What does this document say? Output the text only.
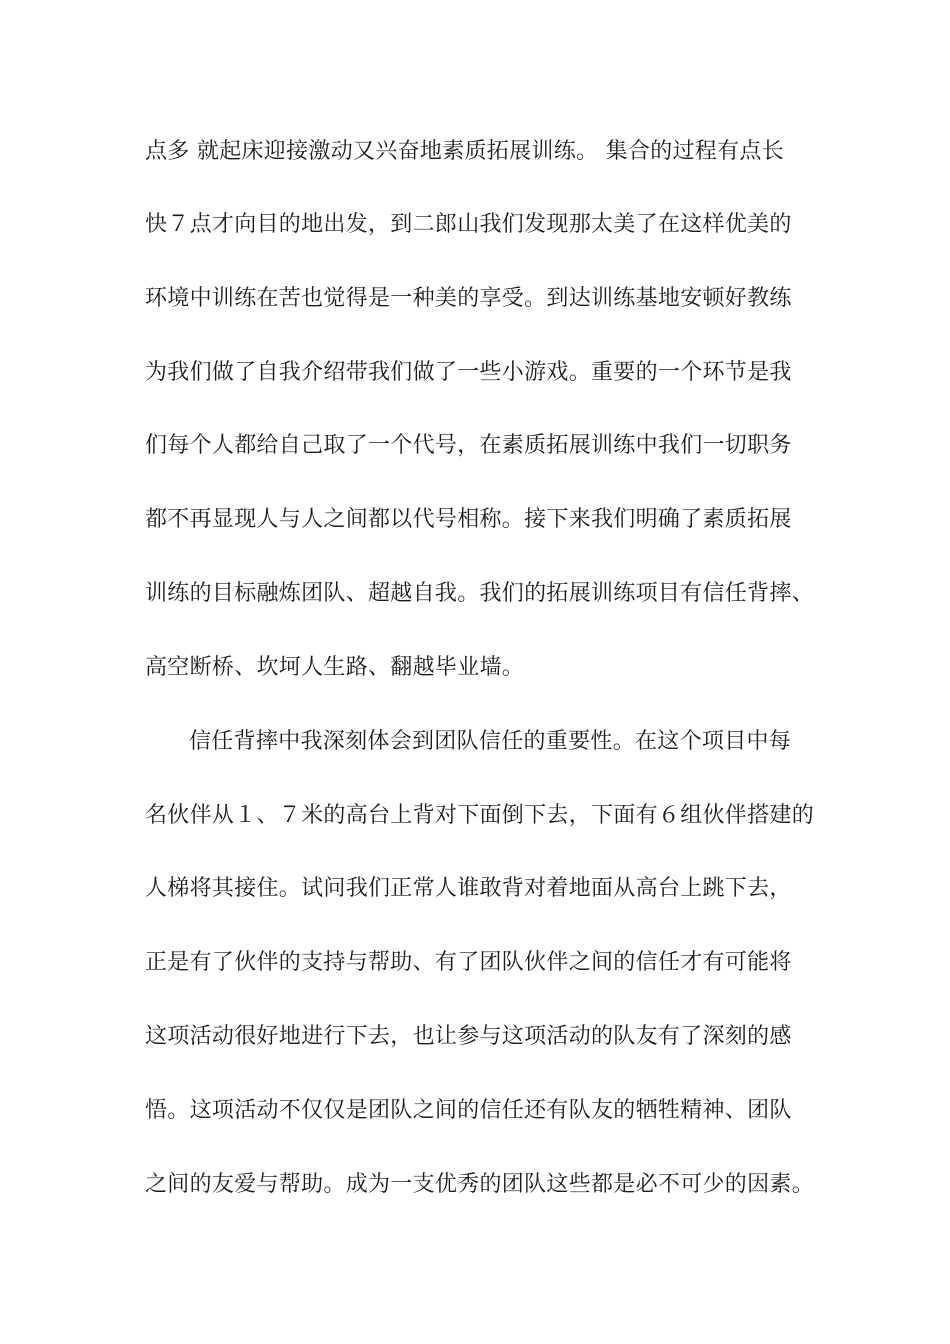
点多 就起床迎接激动又兴奋地素质拓展训练。 集合的过程有点长
快７点才向目的地出发，到二郎山我们发现那太美了在这样优美的
环境中训练在苦也觉得是一种美的享受。到达训练基地安顿好教练
为我们做了自我介绍带我们做了一些小游戏。重要的一个环节是我
们每个人都给自己取了一个代号，在素质拓展训练中我们一切职务
都不再显现人与人之间都以代号相称。接下来我们明确了素质拓展
训练的目标融炼团队、超越自我。我们的拓展训练项目有信任背摔、
高空断桥、坎坷人生路、翻越毕业墙。
信任背摔中我深刻体会到团队信任的重要性。在这个项目中每
名伙伴从１、７米的高台上背对下面倒下去，下面有６组伙伴搭建的
人梯将其接住。试问我们正常人谁敢背对着地面从高台上跳下去，
正是有了伙伴的支持与帮助、有了团队伙伴之间的信任才有可能将
这项活动很好地进行下去，也让参与这项活动的队友有了深刻的感
悟。这项活动不仅仅是团队之间的信任还有队友的牺牲精神、团队
之间的友爱与帮助。成为一支优秀的团队这些都是必不可少的因素。
